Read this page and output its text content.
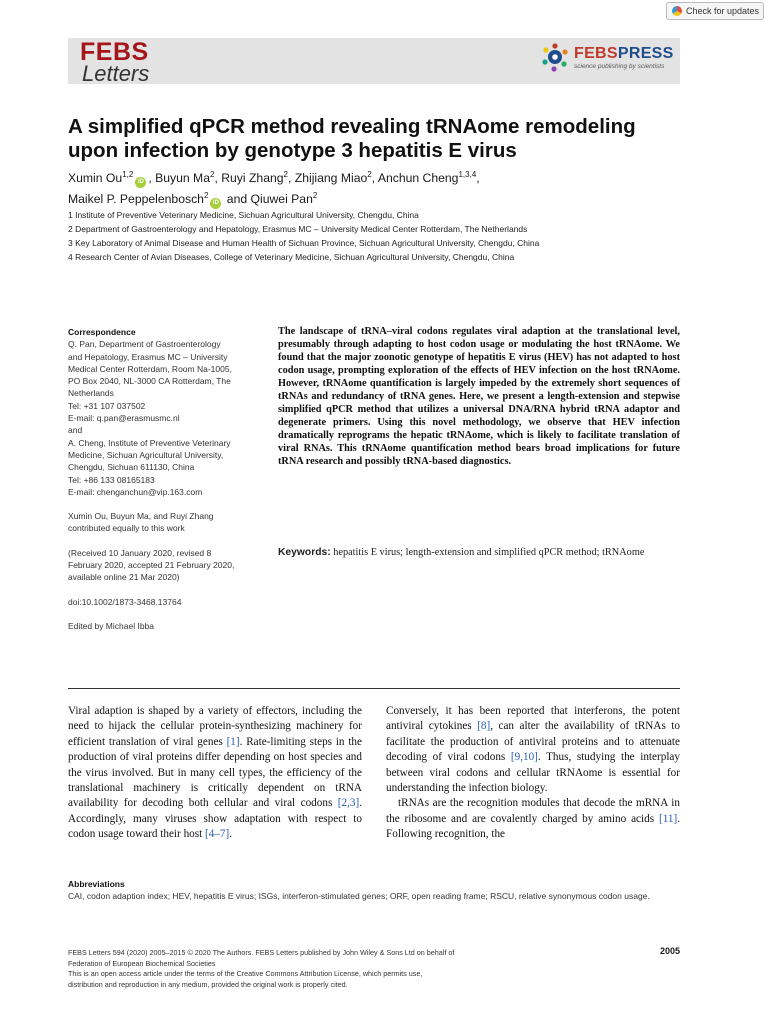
Check for updates
FEBS
Letters
FEBSPRESS
science publishing by scientists
A simplified qPCR method revealing tRNAome remodeling upon infection by genotype 3 hepatitis E virus
Xumin Ou$^{1,2}$iD , Buyun Ma$^2$, Ruyi Zhang$^2$, Zhijiang Miao$^2$, Anchun Cheng$^{1,3,4}$,
Maikel P. Peppelenbosch$^2$iD and Qiuwei Pan$^2$
1 Institute of Preventive Veterinary Medicine, Sichuan Agricultural University, Chengdu, China
2 Department of Gastroenterology and Hepatology, Erasmus MC – University Medical Center Rotterdam, The Netherlands
3 Key Laboratory of Animal Disease and Human Health of Sichuan Province, Sichuan Agricultural University, Chengdu, China
4 Research Center of Avian Diseases, College of Veterinary Medicine, Sichuan Agricultural University, Chengdu, China
Correspondence
Q. Pan, Department of Gastroenterology
and Hepatology, Erasmus MC – University
Medical Center Rotterdam, Room Na-1005,
PO Box 2040, NL-3000 CA Rotterdam, The
Netherlands
Tel: +31 107 037502
E-mail: q.pan@erasmusmc.nl
and
A. Cheng, Institute of Preventive Veterinary
Medicine, Sichuan Agricultural University,
Chengdu, Sichuan 611130, China
Tel: +86 133 08165183
E-mail: chenganchun@vip.163.com
Xumin Ou, Buyun Ma, and Ruyi Zhang
contributed equally to this work
(Received 10 January 2020, revised 8
February 2020, accepted 21 February 2020,
available online 21 Mar 2020)
doi:10.1002/1873-3468.13764
Edited by Michael Ibba
The landscape of tRNA–viral codons regulates viral adaption at the translational level, presumably through adapting to host codon usage or modulating the host tRNAome. We found that the major zoonotic genotype of hepatitis E virus (HEV) has not adapted to host codon usage, prompting exploration of the effects of HEV infection on the host tRNAome. However, tRNAome quantification is largely impeded by the extremely short sequences of tRNAs and redundancy of tRNA genes. Here, we present a length-extension and stepwise simplified qPCR method that utilizes a universal DNA/RNA hybrid tRNA adaptor and degenerate primers. Using this novel methodology, we observe that HEV infection dramatically reprograms the hepatic tRNAome, which is likely to facilitate translation of viral RNAs. This tRNAome quantification method bears broad implications for future tRNA research and possibly tRNA-based diagnostics.
Keywords: hepatitis E virus; length-extension and simplified qPCR method; tRNAome

Viral adaption is shaped by a variety of effectors, including the need to hijack the cellular protein-synthesizing machinery for efficient translation of viral genes [1]. Rate-limiting steps in the production of viral proteins differ depending on host species and the virus involved. But in many cell types, the efficiency of the translational machinery is critically dependent on tRNA availability for decoding both cellular and viral codons [2,3]. Accordingly, many viruses show adaptation with respect to codon usage toward their host [4–7].

Conversely, it has been reported that interferons, the potent antiviral cytokines [8], can alter the availability of tRNAs to facilitate the production of antiviral proteins and to attenuate decoding of viral codons [9,10]. Thus, studying the interplay between viral codons and cellular tRNAome is essential for understanding the infection biology.

tRNAs are the recognition modules that decode the mRNA in the ribosome and are covalently charged by amino acids [11]. Following recognition, the

Abbreviations
CAI, codon adaption index; HEV, hepatitis E virus; ISGs, interferon-stimulated genes; ORF, open reading frame; RSCU, relative synonymous codon usage.
FEBS Letters 594 (2020) 2005–2015 © 2020 The Authors. FEBS Letters published by John Wiley & Sons Ltd on behalf of
Federation of European Biochemical Societies
This is an open access article under the terms of the Creative Commons Attribution License, which permits use,
distribution and reproduction in any medium, provided the original work is properly cited.
2005
